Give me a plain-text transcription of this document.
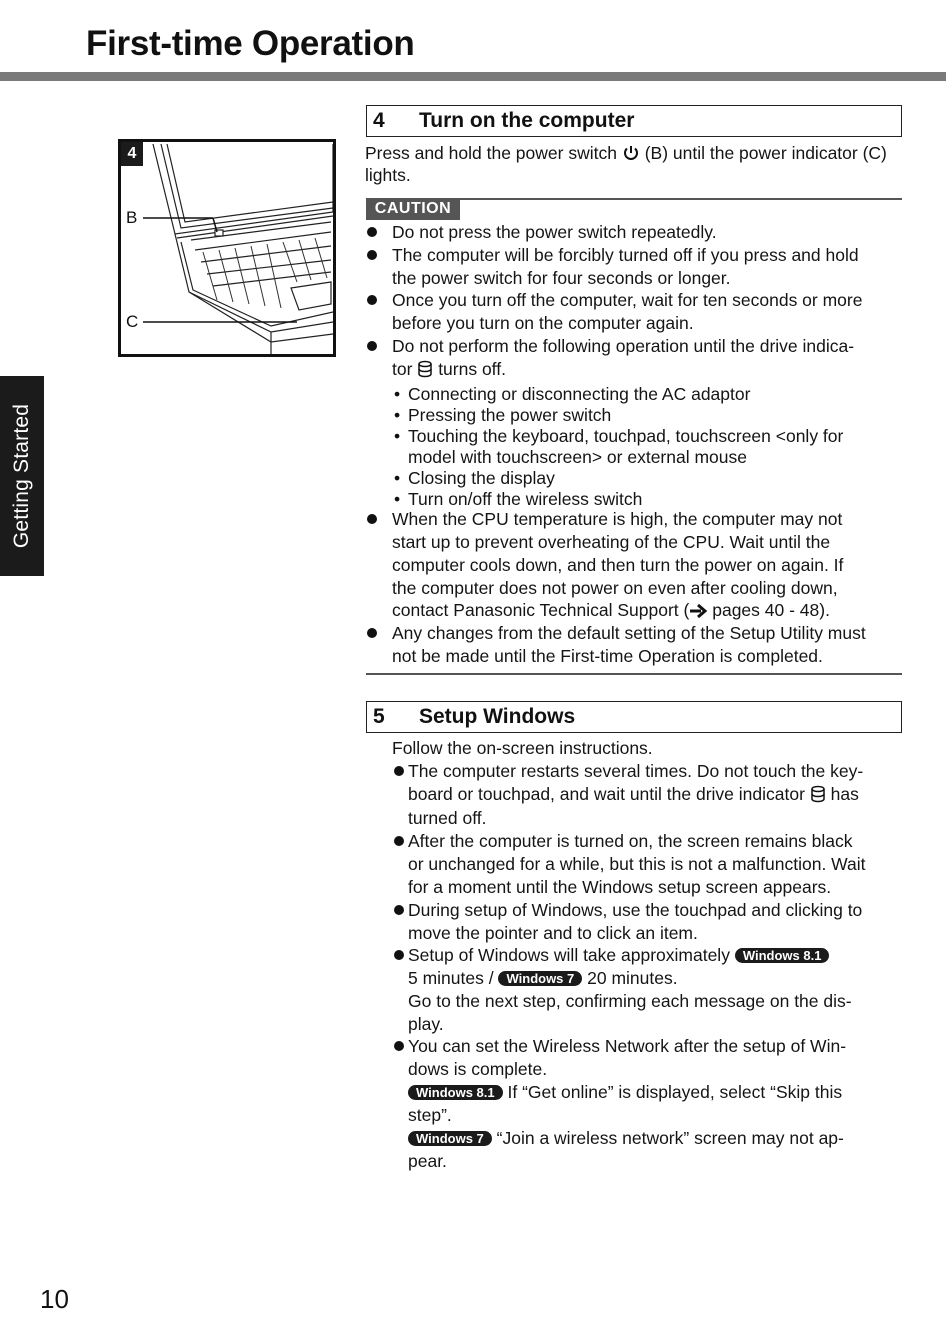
First-time Operation
Getting Started
4
B
C
4 Turn on the computer
Press and hold the power switch (B) until the power indicator (C)
lights.
CAUTION
Do not press the power switch repeatedly.
The computer will be forcibly turned off if you press and hold
the power switch for four seconds or longer.
Once you turn off the computer, wait for ten seconds or more
before you turn on the computer again.
Do not perform the following operation until the drive indica-
tor turns off.
• Connecting or disconnecting the AC adaptor
• Pressing the power switch
• Touching the keyboard, touchpad, touchscreen <only for
model with touchscreen> or external mouse
• Closing the display
• Turn on/off the wireless switch
When the CPU temperature is high, the computer may not
start up to prevent overheating of the CPU. Wait until the
computer cools down, and then turn the power on again. If
the computer does not power on even after cooling down,
contact Panasonic Technical Support ( pages 40 - 48).
Any changes from the default setting of the Setup Utility must
not be made until the First-time Operation is completed.
5 Setup Windows
Follow the on-screen instructions.
The computer restarts several times. Do not touch the key-
board or touchpad, and wait until the drive indicator has
turned off.
After the computer is turned on, the screen remains black
or unchanged for a while, but this is not a malfunction. Wait
for a moment until the Windows setup screen appears.
During setup of Windows, use the touchpad and clicking to
move the pointer and to click an item.
Setup of Windows will take approximately Windows 8.1
5 minutes / Windows 7 20 minutes.
Go to the next step, confirming each message on the dis-
play.
You can set the Wireless Network after the setup of Win-
dows is complete.
Windows 8.1 If “Get online” is displayed, select “Skip this
step”.
Windows 7 “Join a wireless network” screen may not ap-
pear.
10
